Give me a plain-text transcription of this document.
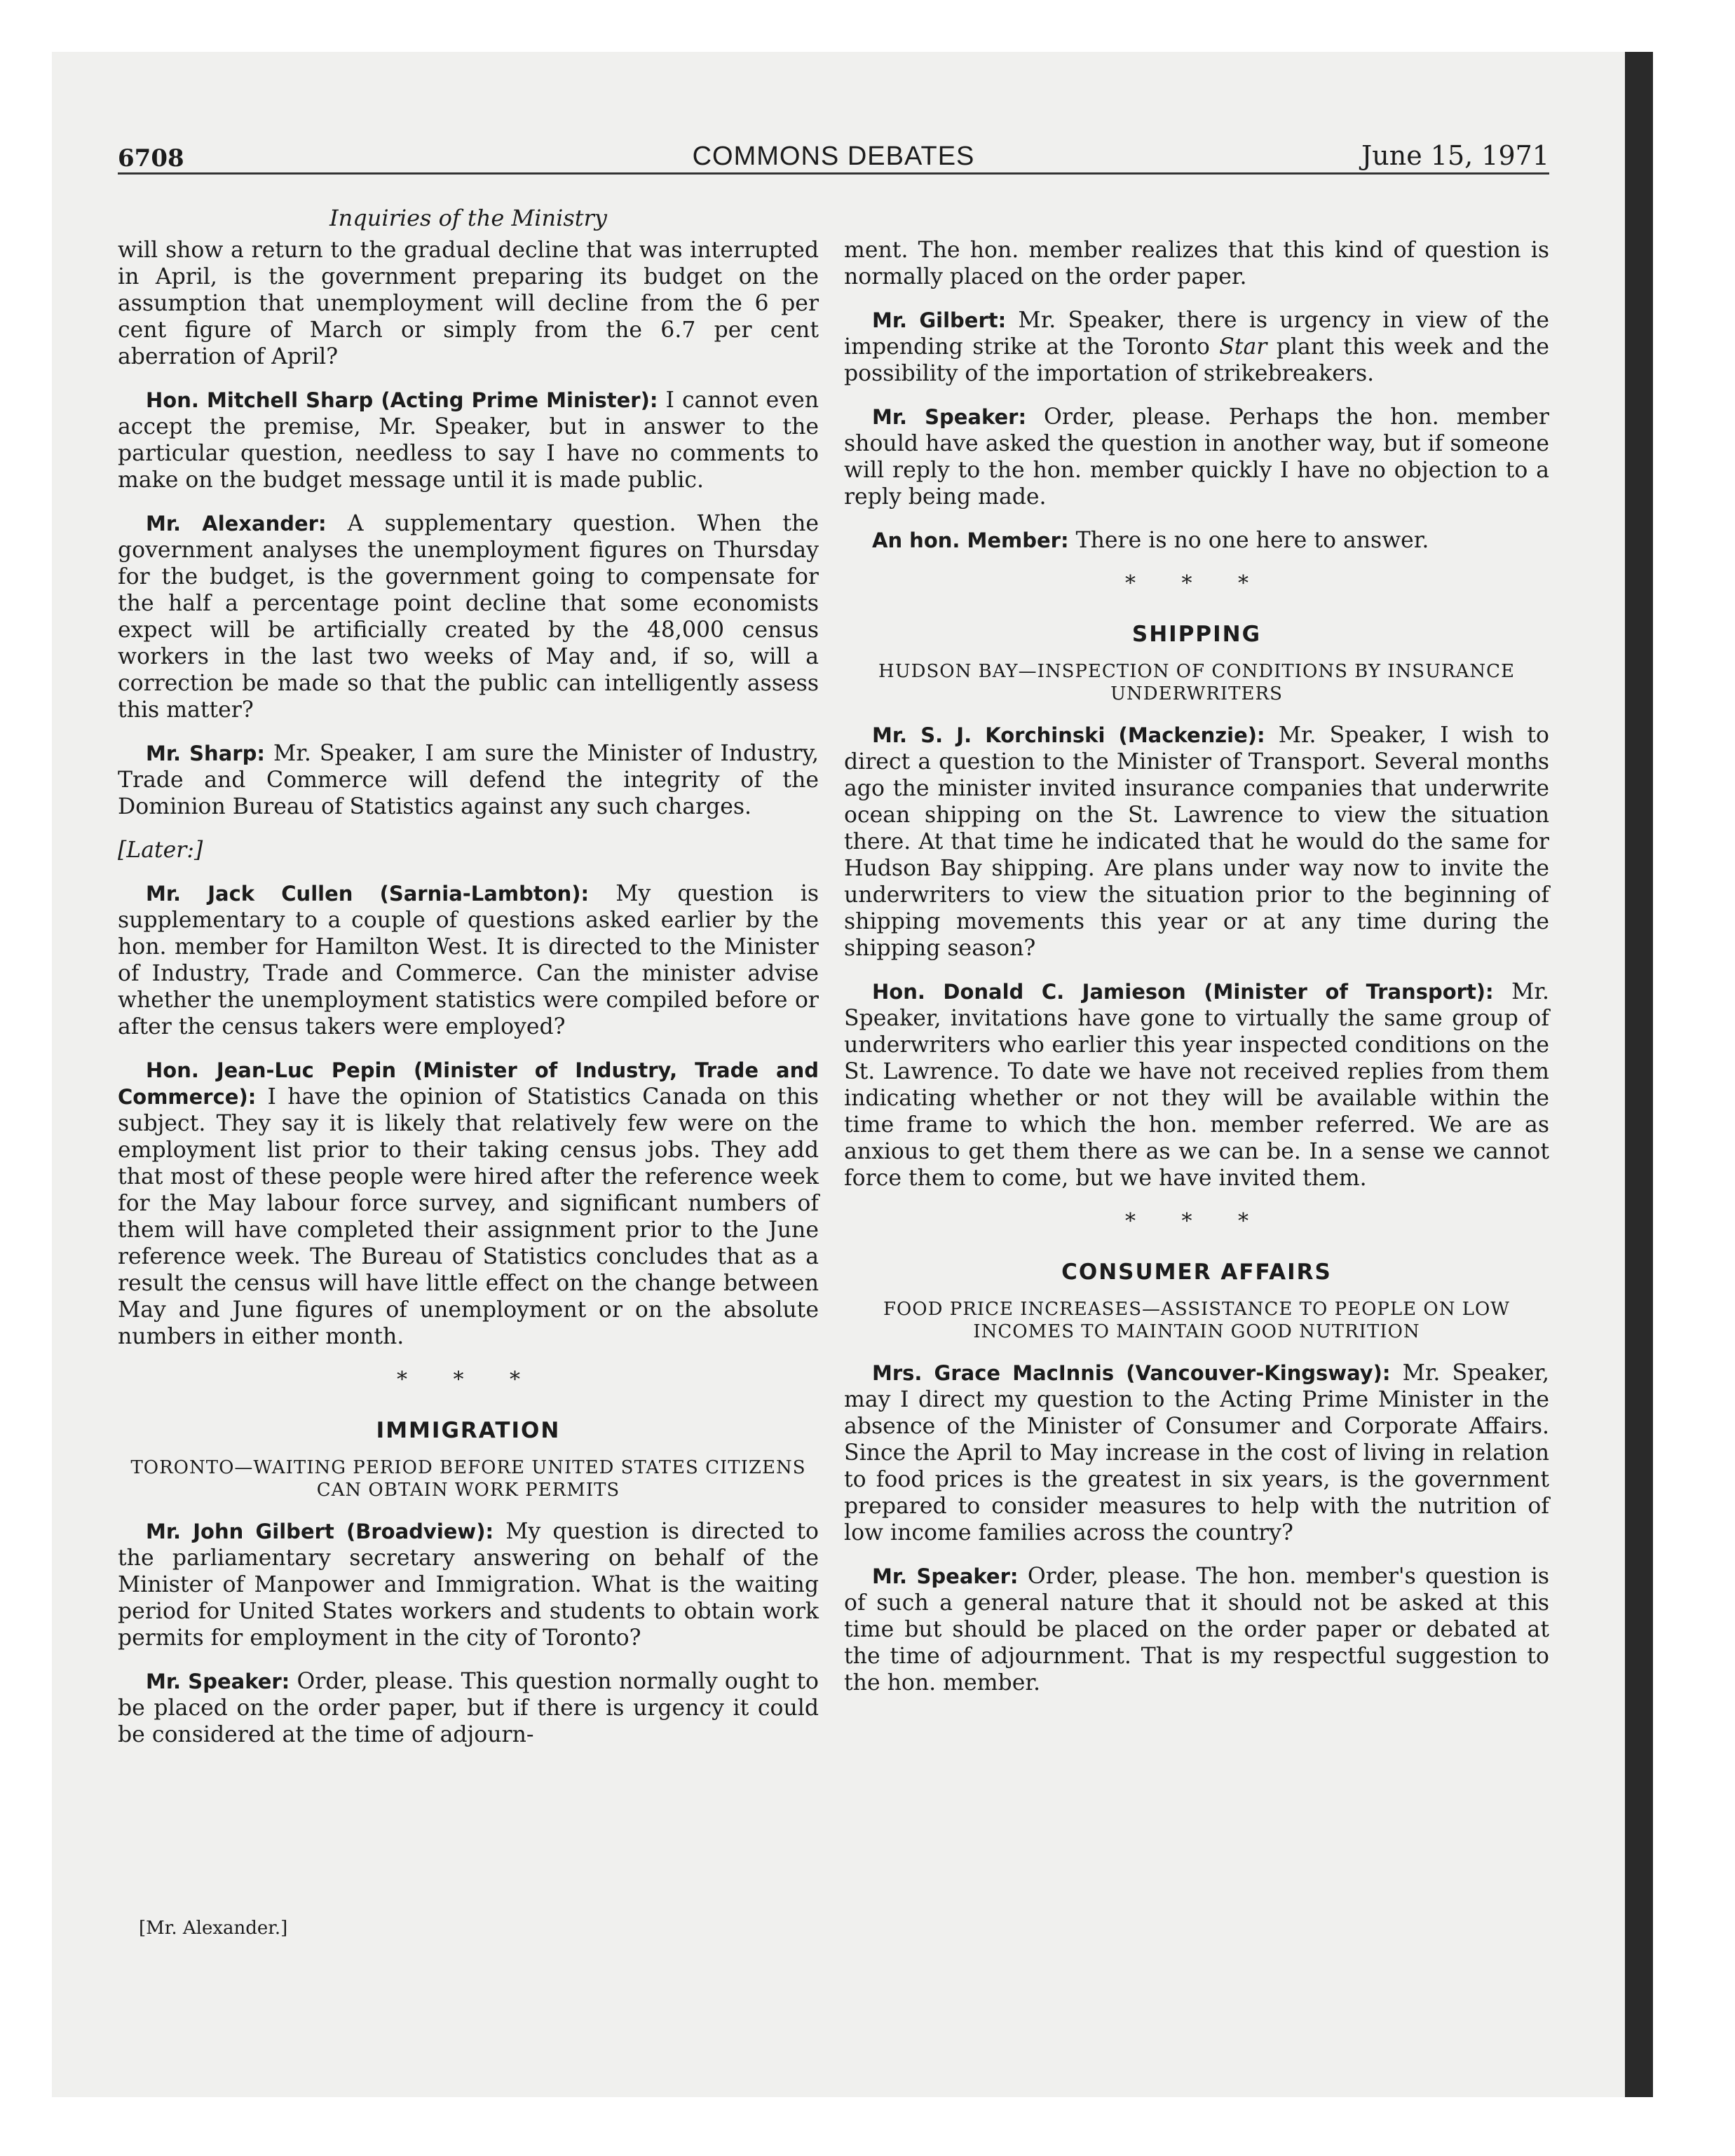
6708	COMMONS DEBATES	June 15, 1971
Inquiries of the Ministry

will show a return to the gradual decline that was interrupted in April, is the government preparing its budget on the assumption that unemployment will decline from the 6 per cent figure of March or simply from the 6.7 per cent aberration of April?

Hon. Mitchell Sharp (Acting Prime Minister): I cannot even accept the premise, Mr. Speaker, but in answer to the particular question, needless to say I have no comments to make on the budget message until it is made public.

Mr. Alexander: A supplementary question. When the government analyses the unemployment figures on Thursday for the budget, is the government going to compensate for the half a percentage point decline that some economists expect will be artificially created by the 48,000 census workers in the last two weeks of May and, if so, will a correction be made so that the public can intelligently assess this matter?

Mr. Sharp: Mr. Speaker, I am sure the Minister of Industry, Trade and Commerce will defend the integrity of the Dominion Bureau of Statistics against any such charges.

[Later:]

Mr. Jack Cullen (Sarnia-Lambton): My question is supplementary to a couple of questions asked earlier by the hon. member for Hamilton West. It is directed to the Minister of Industry, Trade and Commerce. Can the minister advise whether the unemployment statistics were compiled before or after the census takers were employed?

Hon. Jean-Luc Pepin (Minister of Industry, Trade and Commerce): I have the opinion of Statistics Canada on this subject. They say it is likely that relatively few were on the employment list prior to their taking census jobs. They add that most of these people were hired after the reference week for the May labour force survey, and significant numbers of them will have completed their assignment prior to the June reference week. The Bureau of Statistics concludes that as a result the census will have little effect on the change between May and June figures of unemployment or on the absolute numbers in either month.

* * *
IMMIGRATION
TORONTO—WAITING PERIOD BEFORE UNITED STATES CITIZENS CAN OBTAIN WORK PERMITS

Mr. John Gilbert (Broadview): My question is directed to the parliamentary secretary answering on behalf of the Minister of Manpower and Immigration. What is the waiting period for United States workers and students to obtain work permits for employment in the city of Toronto?

Mr. Speaker: Order, please. This question normally ought to be placed on the order paper, but if there is urgency it could be considered at the time of adjourn-

[Mr. Alexander.]

ment. The hon. member realizes that this kind of question is normally placed on the order paper.

Mr. Gilbert: Mr. Speaker, there is urgency in view of the impending strike at the Toronto Star plant this week and the possibility of the importation of strikebreakers.

Mr. Speaker: Order, please. Perhaps the hon. member should have asked the question in another way, but if someone will reply to the hon. member quickly I have no objection to a reply being made.

An hon. Member: There is no one here to answer.

* * *
SHIPPING
HUDSON BAY—INSPECTION OF CONDITIONS BY INSURANCE UNDERWRITERS

Mr. S. J. Korchinski (Mackenzie): Mr. Speaker, I wish to direct a question to the Minister of Transport. Several months ago the minister invited insurance companies that underwrite ocean shipping on the St. Lawrence to view the situation there. At that time he indicated that he would do the same for Hudson Bay shipping. Are plans under way now to invite the underwriters to view the situation prior to the beginning of shipping movements this year or at any time during the shipping season?

Hon. Donald C. Jamieson (Minister of Transport): Mr. Speaker, invitations have gone to virtually the same group of underwriters who earlier this year inspected conditions on the St. Lawrence. To date we have not received replies from them indicating whether or not they will be available within the time frame to which the hon. member referred. We are as anxious to get them there as we can be. In a sense we cannot force them to come, but we have invited them.

* * *
CONSUMER AFFAIRS
FOOD PRICE INCREASES—ASSISTANCE TO PEOPLE ON LOW INCOMES TO MAINTAIN GOOD NUTRITION

Mrs. Grace MacInnis (Vancouver-Kingsway): Mr. Speaker, may I direct my question to the Acting Prime Minister in the absence of the Minister of Consumer and Corporate Affairs. Since the April to May increase in the cost of living in relation to food prices is the greatest in six years, is the government prepared to consider measures to help with the nutrition of low income families across the country?

Mr. Speaker: Order, please. The hon. member's question is of such a general nature that it should not be asked at this time but should be placed on the order paper or debated at the time of adjournment. That is my respectful suggestion to the hon. member.
